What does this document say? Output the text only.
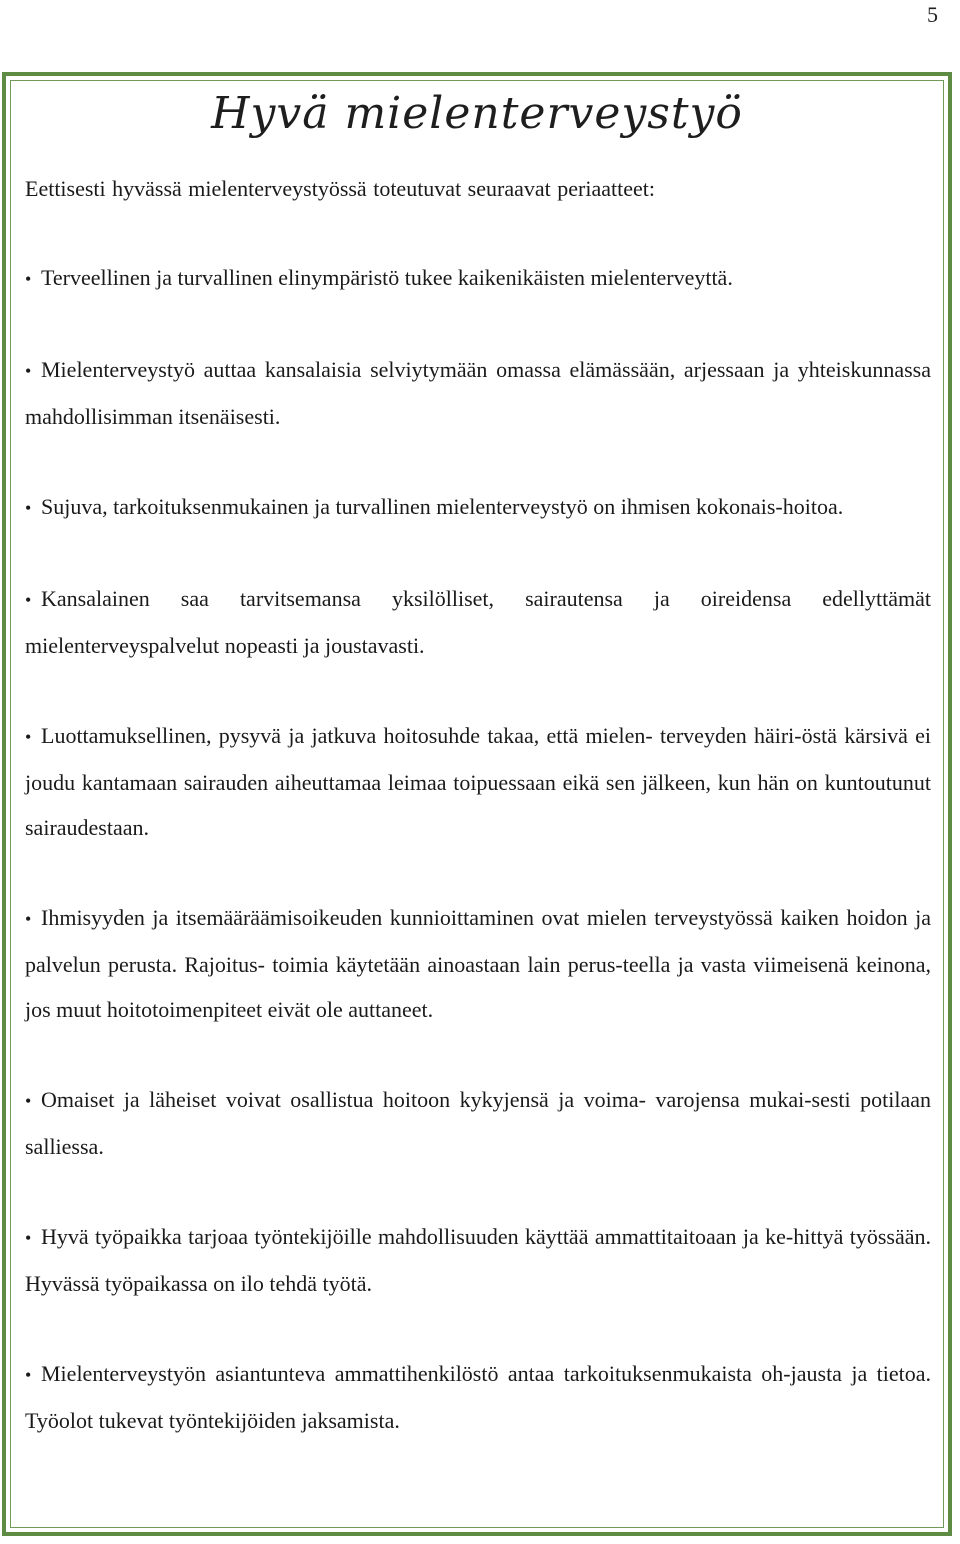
5
Hyvä mielenterveystyö

Eettisesti hyvässä mielenterveystyössä toteutuvat seuraavat periaatteet:

• Terveellinen ja turvallinen elinympäristö tukee kaikenikäisten mielenterveyttä.
• Mielenterveystyö auttaa kansalaisia selviytymään omassa elämässään, arjessaan ja yhteiskunnassa mahdollisimman itsenäisesti.
• Sujuva, tarkoituksenmukainen ja turvallinen mielenterveystyö on ihmisen kokonais-hoitoa.
• Kansalainen saa tarvitsemansa yksilölliset, sairautensa ja oireidensa edellyttämät mielenterveyspalvelut nopeasti ja joustavasti.
• Luottamuksellinen, pysyvä ja jatkuva hoitosuhde takaa, että mielen- terveyden häiri-östä kärsivä ei joudu kantamaan sairauden aiheuttamaa leimaa toipuessaan eikä sen jälkeen, kun hän on kuntoutunut sairaudestaan.
• Ihmisyyden ja itsemääräämisoikeuden kunnioittaminen ovat mielen terveystyössä kaiken hoidon ja palvelun perusta. Rajoitus- toimia käytetään ainoastaan lain perus-teella ja vasta viimeisenä keinona, jos muut hoitotoimenpiteet eivät ole auttaneet.
• Omaiset ja läheiset voivat osallistua hoitoon kykyjensä ja voima- varojensa mukai-sesti potilaan salliessa.
• Hyvä työpaikka tarjoaa työntekijöille mahdollisuuden käyttää ammattitaitoaan ja ke-hittyä työssään. Hyvässä työpaikassa on ilo tehdä työtä.
• Mielenterveystyön asiantunteva ammattihenkilöstö antaa tarkoituksenmukaista oh-jausta ja tietoa. Työolot tukevat työntekijöiden jaksamista.
